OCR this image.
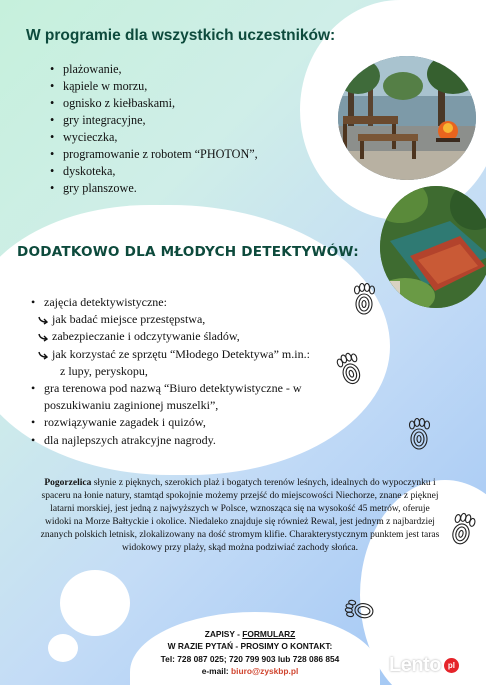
W programie dla wszystkich uczestników:
• plażowanie,
• kąpiele w morzu,
• ognisko z kiełbaskami,
• gry integracyjne,
• wycieczka,
• programowanie z robotem “PHOTON”,
• dyskoteka,
• gry planszowe.
DODATKOWO DLA MŁODYCH DETEKTYWÓW:
• zajęcia detektywistyczne:
jak badać miejsce przestępstwa,
zabezpieczanie i odczytywanie śladów,
jak korzystać ze sprzętu “Młodego Detektywa” m.in.:
z lupy, peryskopu,
• gra terenowa pod nazwą “Biuro detektywistyczne - w
poszukiwaniu zaginionej muszelki”,
• rozwiązywanie zagadek i quizów,
• dla najlepszych atrakcyjne nagrody.

Pogorzelica słynie z pięknych, szerokich plaż i bogatych terenów leśnych, idealnych do wypoczynku i spaceru na łonie natury, stamtąd spokojnie możemy przejść do miejscowości Niechorze, znane z pięknej latarni morskiej, jest jedną z najwyższych w Polsce, wznosząca się na wysokość 45 metrów, oferuje widoki na Morze Bałtyckie i okolice. Niedaleko znajduje się również Rewal, jest jednym z najbardziej znanych polskich letnisk, zlokalizowany na dość stromym klifie. Charakterystycznym punktem jest taras widokowy przy plaży, skąd można podziwiać zachody słońca.

ZAPISY - FORMULARZ
W RAZIE PYTAŃ - PROSIMY O KONTAKT:
Tel: 728 087 025; 720 799 903 lub 728 086 854
e-mail: biuro@zyskbp.pl	Lento pl
